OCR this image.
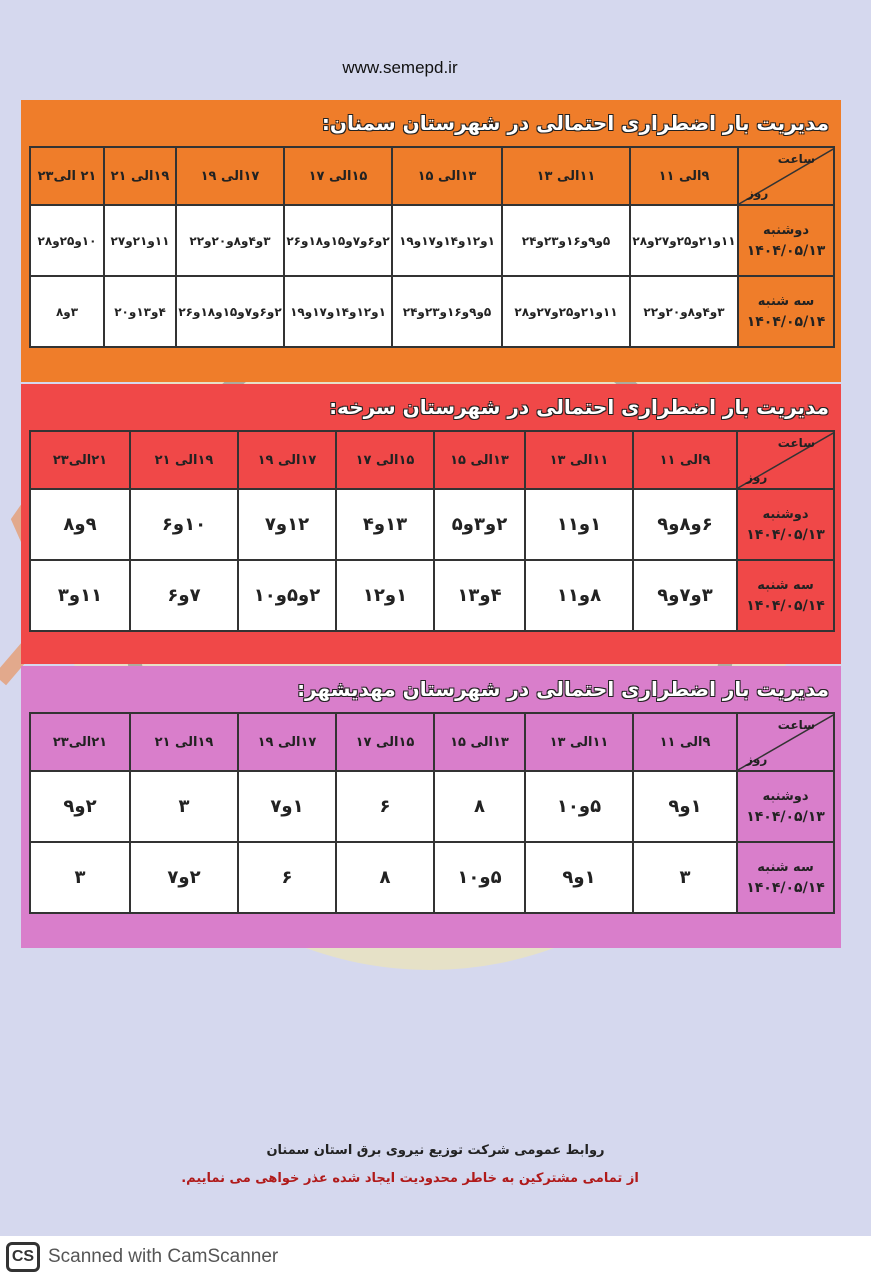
www.semepd.ir
مدیریت بار اضطراری احتمالی در شهرستان سمنان:
ساعت
روز	۹الی ۱۱	۱۱الی ۱۳	۱۳الی ۱۵	۱۵الی ۱۷	۱۷الی ۱۹	۱۹الی ۲۱	۲۱ الی۲۳

دوشنبه
۱۴۰۴/۰۵/۱۳	۱۱و۲۱و۲۵و۲۷و۲۸	۵و۹و۱۶و۲۳و۲۴	۱و۱۲و۱۴و۱۷و۱۹	۲و۶و۷و۱۵و۱۸و۲۶	۳و۴و۸و۲۰و۲۲	۱۱و۲۱و۲۷	۱۰و۲۵و۲۸

سه شنبه
۱۴۰۴/۰۵/۱۴	۳و۴و۸و۲۰و۲۲	۱۱و۲۱و۲۵و۲۷و۲۸	۵و۹و۱۶و۲۳و۲۴	۱و۱۲و۱۴و۱۷و۱۹	۲و۶و۷و۱۵و۱۸و۲۶	۴و۱۳و۲۰	۳و۸
مدیریت بار اضطراری احتمالی در شهرستان سرخه:
ساعت
روز	۹الی ۱۱	۱۱الی ۱۳	۱۳الی ۱۵	۱۵الی ۱۷	۱۷الی ۱۹	۱۹الی ۲۱	۲۱الی۲۳

دوشنبه
۱۴۰۴/۰۵/۱۳	۶و۸و۹	۱و۱۱	۲و۳و۵	۱۳و۴	۱۲و۷	۱۰و۶	۹و۸

سه شنبه
۱۴۰۴/۰۵/۱۴	۳و۷و۹	۸و۱۱	۴و۱۳	۱و۱۲	۲و۵و۱۰	۷و۶	۱۱و۳
مدیریت بار اضطراری احتمالی در شهرستان مهدیشهر:
ساعت
روز	۹الی ۱۱	۱۱الی ۱۳	۱۳الی ۱۵	۱۵الی ۱۷	۱۷الی ۱۹	۱۹الی ۲۱	۲۱الی۲۳

دوشنبه
۱۴۰۴/۰۵/۱۳	۱و۹	۵و۱۰	۸	۶	۱و۷	۳	۲و۹

سه شنبه
۱۴۰۴/۰۵/۱۴	۳	۱و۹	۵و۱۰	۸	۶	۲و۷	۳
روابط عمومی شرکت توزیع نیروی برق استان سمنان
از تمامی مشترکین به خاطر محدودیت ایجاد شده عذر خواهی می نماییم.
CS Scanned with CamScanner
